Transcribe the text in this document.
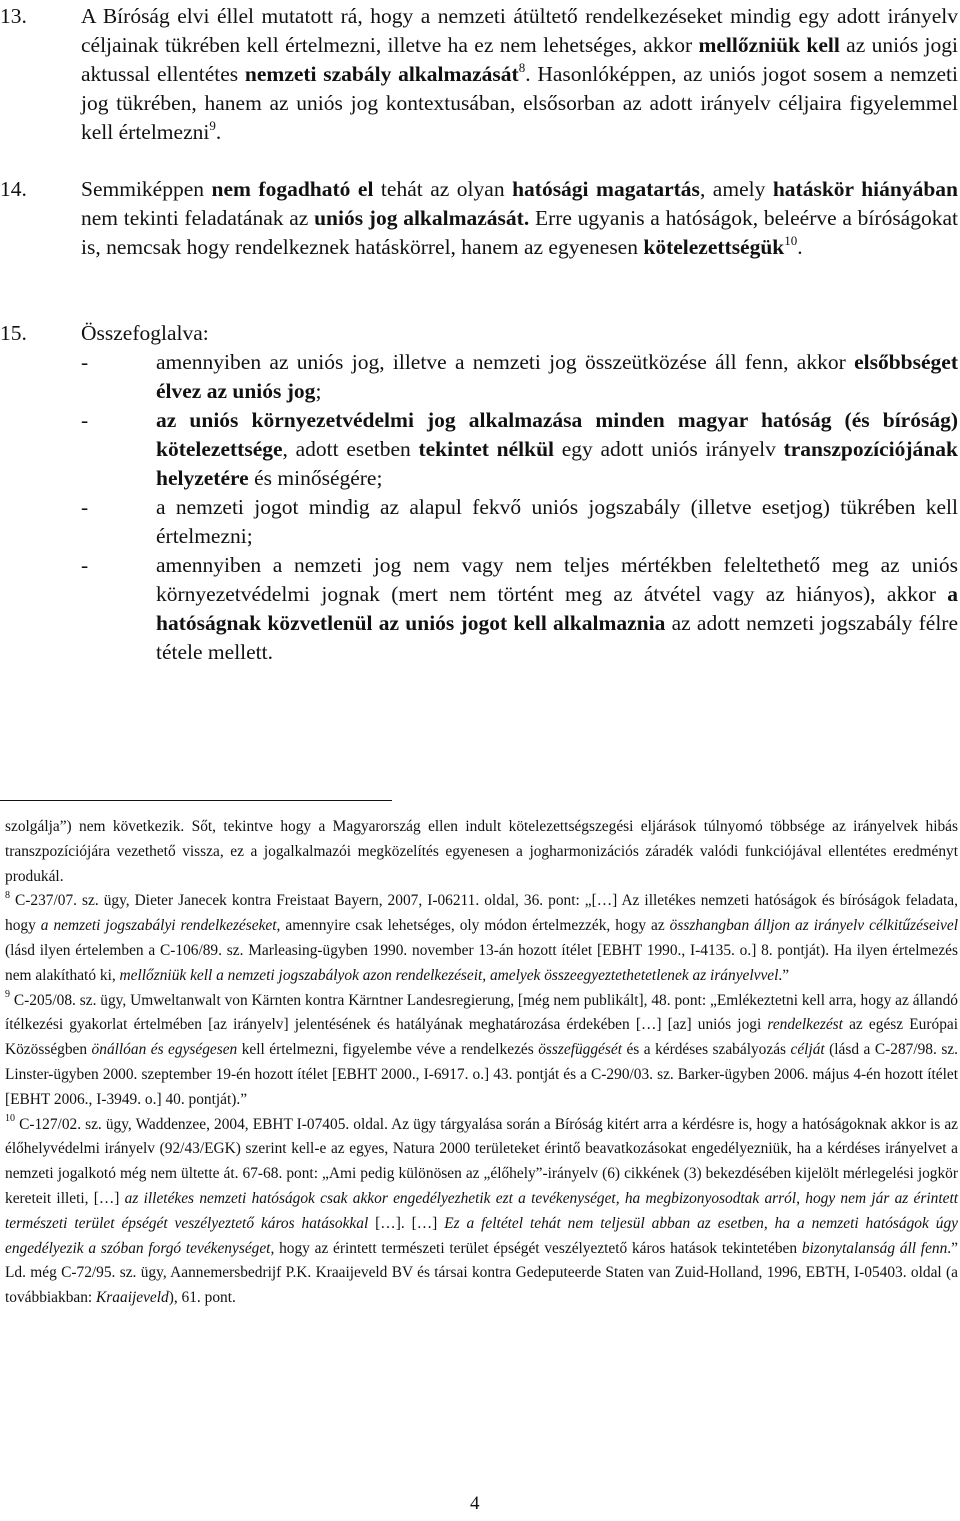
13.	A Bíróság elvi éllel mutatott rá, hogy a nemzeti átültető rendelkezéseket mindig egy adott irányelv céljainak tükrében kell értelmezni, illetve ha ez nem lehetséges, akkor mellőzniük kell az uniós jogi aktussal ellentétes nemzeti szabály alkalmazását$^8$. Hasonlóképpen, az uniós jogot sosem a nemzeti jog tükrében, hanem az uniós jog kontextusában, elsősorban az adott irányelv céljaira figyelemmel kell értelmezni$^9$.
14.	Semmiképpen nem fogadható el tehát az olyan hatósági magatartás, amely hatáskör hiányában nem tekinti feladatának az uniós jog alkalmazását. Erre ugyanis a hatóságok, beleérve a bíróságokat is, nemcsak hogy rendelkeznek hatáskörrel, hanem az egyenesen kötelezettségük$^{10}$.
15.	Összefoglalva:
-	amennyiben az uniós jog, illetve a nemzeti jog összeütközése áll fenn, akkor elsőbbséget élvez az uniós jog;
-	az uniós környezetvédelmi jog alkalmazása minden magyar hatóság (és bíróság) kötelezettsége, adott esetben tekintet nélkül egy adott uniós irányelv transzpozíciójának helyzetére és minőségére;
-	a nemzeti jogot mindig az alapul fekvő uniós jogszabály (illetve esetjog) tükrében kell értelmezni;
-	amennyiben a nemzeti jog nem vagy nem teljes mértékben feleltethető meg az uniós környezetvédelmi jognak (mert nem történt meg az átvétel vagy az hiányos), akkor a hatóságnak közvetlenül az uniós jogot kell alkalmaznia az adott nemzeti jogszabály félre tétele mellett.

szolgálja”) nem következik. Sőt, tekintve hogy a Magyarország ellen indult kötelezettségszegési eljárások túlnyomó többsége az irányelvek hibás transzpozíciójára vezethető vissza, ez a jogalkalmazói megközelítés egyenesen a jogharmonizációs záradék valódi funkciójával ellentétes eredményt produkál.

$^8$ C-237/07. sz. ügy, Dieter Janecek kontra Freistaat Bayern, 2007, I-06211. oldal, 36. pont: „[…] Az illetékes nemzeti hatóságok és bíróságok feladata, hogy a nemzeti jogszabályi rendelkezéseket, amennyire csak lehetséges, oly módon értelmezzék, hogy az összhangban álljon az irányelv célkitűzéseivel (lásd ilyen értelemben a C-106/89. sz. Marleasing-ügyben 1990. november 13-án hozott ítélet [EBHT 1990., I-4135. o.] 8. pontját). Ha ilyen értelmezés nem alakítható ki, mellőzniük kell a nemzeti jogszabályok azon rendelkezéseit, amelyek összeegyeztethetetlenek az irányelvvel.”

$^9$ C-205/08. sz. ügy, Umweltanwalt von Kärnten kontra Kärntner Landesregierung, [még nem publikált], 48. pont: „Emlékeztetni kell arra, hogy az állandó ítélkezési gyakorlat értelmében [az irányelv] jelentésének és hatályának meghatározása érdekében […] [az] uniós jogi rendelkezést az egész Európai Közösségben önállóan és egységesen kell értelmezni, figyelembe véve a rendelkezés összefüggését és a kérdéses szabályozás célját (lásd a C-287/98. sz. Linster-ügyben 2000. szeptember 19-én hozott ítélet [EBHT 2000., I-6917. o.] 43. pontját és a C-290/03. sz. Barker-ügyben 2006. május 4-én hozott ítélet [EBHT 2006., I-3949. o.] 40. pontját).”

$^{10}$ C-127/02. sz. ügy, Waddenzee, 2004, EBHT I-07405. oldal. Az ügy tárgyalása során a Bíróság kitért arra a kérdésre is, hogy a hatóságoknak akkor is az élőhelyvédelmi irányelv (92/43/EGK) szerint kell-e az egyes, Natura 2000 területeket érintő beavatkozásokat engedélyezniük, ha a kérdéses irányelvet a nemzeti jogalkotó még nem ültette át. 67-68. pont: „Ami pedig különösen az „élőhely”-irányelv (6) cikkének (3) bekezdésében kijelölt mérlegelési jogkör kereteit illeti, […] az illetékes nemzeti hatóságok csak akkor engedélyezhetik ezt a tevékenységet, ha megbizonyosodtak arról, hogy nem jár az érintett természeti terület épségét veszélyeztető káros hatásokkal […]. […] Ez a feltétel tehát nem teljesül abban az esetben, ha a nemzeti hatóságok úgy engedélyezik a szóban forgó tevékenységet, hogy az érintett természeti terület épségét veszélyeztető káros hatások tekintetében bizonytalanság áll fenn.” Ld. még C-72/95. sz. ügy, Aannemersbedrijf P.K. Kraaijeveld BV és társai kontra Gedeputeerde Staten van Zuid-Holland, 1996, EBTH, I-05403. oldal (a továbbiakban: Kraaijeveld), 61. pont.

4
